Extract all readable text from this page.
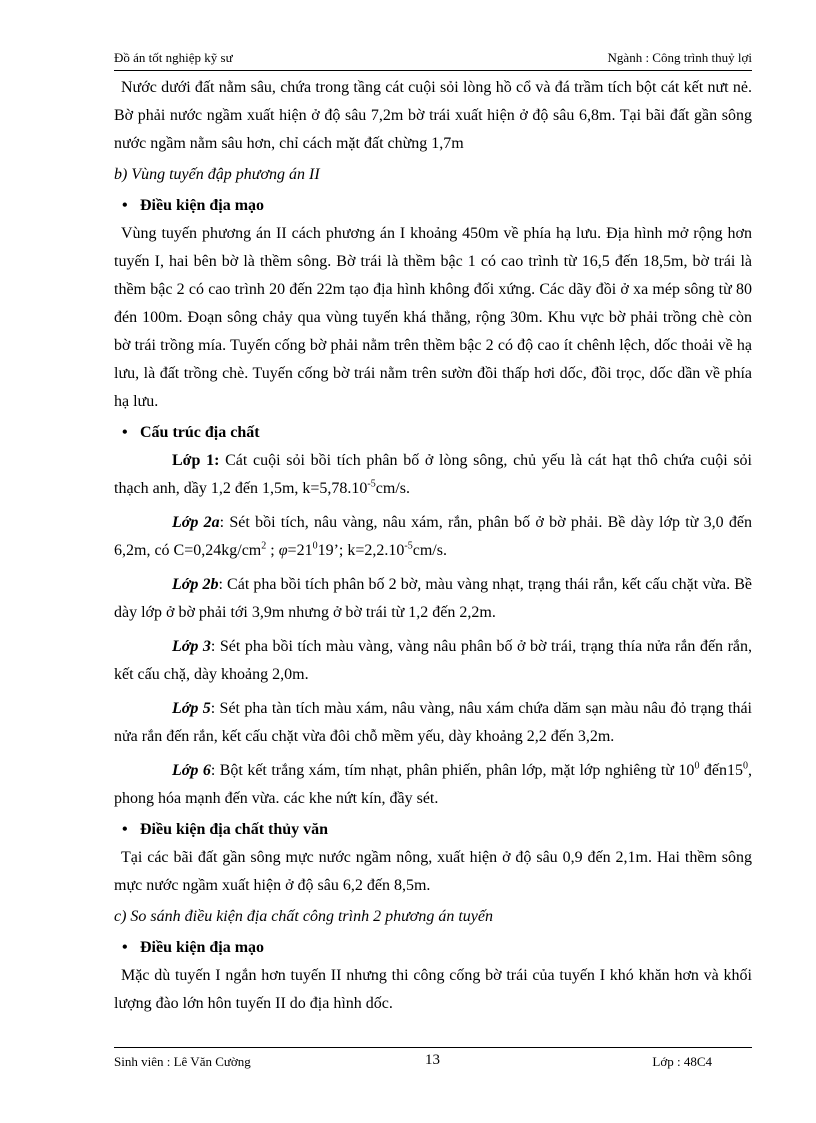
Đồ án tốt nghiệp kỹ sư	Ngành : Công trình thuỷ lợi

Nước dưới đất nằm sâu, chứa trong tầng cát cuội sỏi lòng hồ cổ và đá trầm tích bột cát kết nưt nẻ. Bờ phải nước ngầm xuất hiện ở độ sâu 7,2m bờ trái xuất hiện ở độ sâu 6,8m. Tại bãi đất gần sông nước ngầm nằm sâu hơn, chỉ cách mặt đất chừng 1,7m

b) Vùng tuyến đập phương án II

• Điều kiện địa mạo

Vùng tuyến phương án II cách phương án I khoảng 450m về phía hạ lưu. Địa hình mở rộng hơn tuyến I, hai bên bờ là thềm sông. Bờ trái là thềm bậc 1 có cao trình từ 16,5 đến 18,5m, bờ trái là thềm bậc 2 có cao trình 20 đến 22m tạo địa hình không đối xứng. Các dãy đồi ở xa mép sông từ 80 đén 100m. Đoạn sông chảy qua vùng tuyến khá thẳng, rộng 30m. Khu vực bờ phải trồng chè còn bờ trái trồng mía. Tuyến cống bờ phải nằm trên thềm bậc 2 có độ cao ít chênh lệch, dốc thoải về hạ lưu, là đất trồng chè. Tuyến cống bờ trái nằm trên sườn đồi thấp hơi dốc, đồi trọc, dốc dần về phía hạ lưu.

• Cấu trúc địa chất

Lớp 1: Cát cuội sỏi bồi tích phân bố ở lòng sông, chủ yếu là cát hạt thô chứa cuội sỏi thạch anh, dầy 1,2 đến 1,5m, $k=5,78.10^{-5}cm/s$.

Lớp 2a: Sét bồi tích, nâu vàng, nâu xám, rắn, phân bố ở bờ phải. Bề dày lớp từ 3,0 đến 6,2m, có $C=0,24kg/cm^2$ ; $\varphi=21^019$’; $k=2,2.10^{-5}cm/s$.

Lớp 2b: Cát pha bồi tích phân bố 2 bờ, màu vàng nhạt, trạng thái rắn, kết cấu chặt vừa. Bề dày lớp ở bờ phải tới 3,9m nhưng ở bờ trái từ 1,2 đến 2,2m.

Lớp 3: Sét pha bồi tích màu vàng, vàng nâu phân bố ở bờ trái, trạng thía nửa rắn đến rắn, kết cấu chặ, dày khoảng 2,0m.

Lớp 5: Sét pha tàn tích màu xám, nâu vàng, nâu xám chứa dăm sạn màu nâu đỏ trạng thái nửa rắn đến rắn, kết cấu chặt vừa đôi chỗ mềm yếu, dày khoảng 2,2 đến 3,2m.

Lớp 6: Bột kết trắng xám, tím nhạt, phân phiến, phân lớp, mặt lớp nghiêng từ $10^0$ $đến15^0$, phong hóa mạnh đến vừa. các khe nứt kín, đầy sét.

• Điều kiện địa chất thủy văn

Tại các bãi đất gần sông mực nước ngầm nông, xuất hiện ở độ sâu 0,9 đến 2,1m. Hai thềm sông mực nước ngầm xuất hiện ở độ sâu 6,2 đến 8,5m.

c) So sánh điều kiện địa chất công trình 2 phương án tuyến

• Điều kiện địa mạo

Mặc dù tuyến I ngắn hơn tuyến II nhưng thi công cống bờ trái của tuyến I khó khăn hơn và khối lượng đào lớn hôn tuyến II do địa hình dốc.

Sinh viên : Lê Văn Cường	13	Lớp : 48C4
